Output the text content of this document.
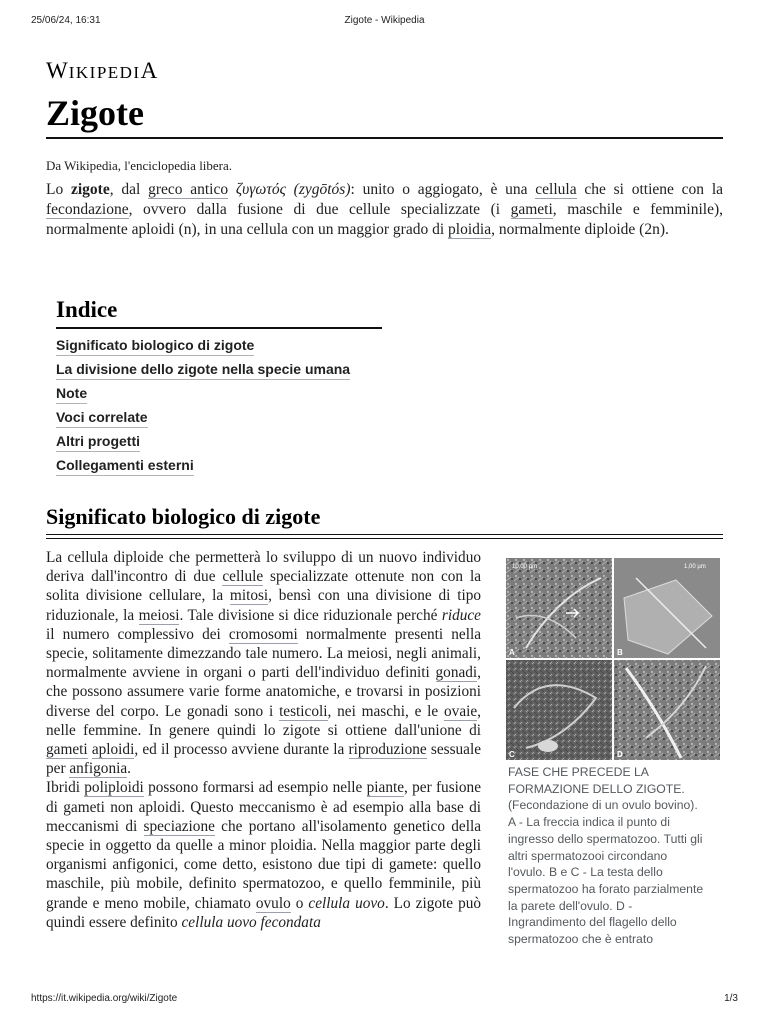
25/06/24, 16:31	Zigote - Wikipedia
WIKIPEDIA
Zigote
Da Wikipedia, l'enciclopedia libera.

Lo zigote, dal greco antico ζυγωτός (zygōtós): unito o aggiogato, è una cellula che si ottiene con la fecondazione, ovvero dalla fusione di due cellule specializzate (i gameti, maschile e femminile), normalmente aploidi (n), in una cellula con un maggior grado di ploidia, normalmente diploide (2n).

Indice
Significato biologico di zigote
La divisione dello zigote nella specie umana
Note
Voci correlate
Altri progetti
Collegamenti esterni
Significato biologico di zigote

La cellula diploide che permetterà lo sviluppo di un nuovo individuo deriva dall'incontro di due cellule specializzate ottenute non con la solita divisione cellulare, la mitosi, bensì con una divisione di tipo riduzionale, la meiosi. Tale divisione si dice riduzionale perché riduce il numero complessivo dei cromosomi normalmente presenti nella specie, solitamente dimezzando tale numero. La meiosi, negli animali, normalmente avviene in organi o parti dell'individuo definiti gonadi, che possono assumere varie forme anatomiche, e trovarsi in posizioni diverse del corpo. Le gonadi sono i testicoli, nei maschi, e le ovaie, nelle femmine. In genere quindi lo zigote si ottiene dall'unione di gameti aploidi, ed il processo avviene durante la riproduzione sessuale per anfigonia.
Ibridi poliploidi possono formarsi ad esempio nelle piante, per fusione di gameti non aploidi. Questo meccanismo è ad esempio alla base di meccanismi di speciazione che portano all'isolamento genetico della specie in oggetto da quelle a minor ploidia. Nella maggior parte degli organismi anfigonici, come detto, esistono due tipi di gamete: quello maschile, più mobile, definito spermatozoo, e quello femminile, più grande e meno mobile, chiamato ovulo o cellula uovo. Lo zigote può quindi essere definito cellula uovo fecondata

10,00 µm	1,00 µm
A	B
C	D

FASE CHE PRECEDE LA
FORMAZIONE DELLO ZIGOTE.
(Fecondazione di un ovulo bovino).
A - La freccia indica il punto di
ingresso dello spermatozoo. Tutti gli
altri spermatozooi circondano
l'ovulo. B e C - La testa dello
spermatozoo ha forato parzialmente
la parete dell'ovulo. D -
Ingrandimento del flagello dello
spermatozoo che è entrato

https://it.wikipedia.org/wiki/Zigote	1/3
